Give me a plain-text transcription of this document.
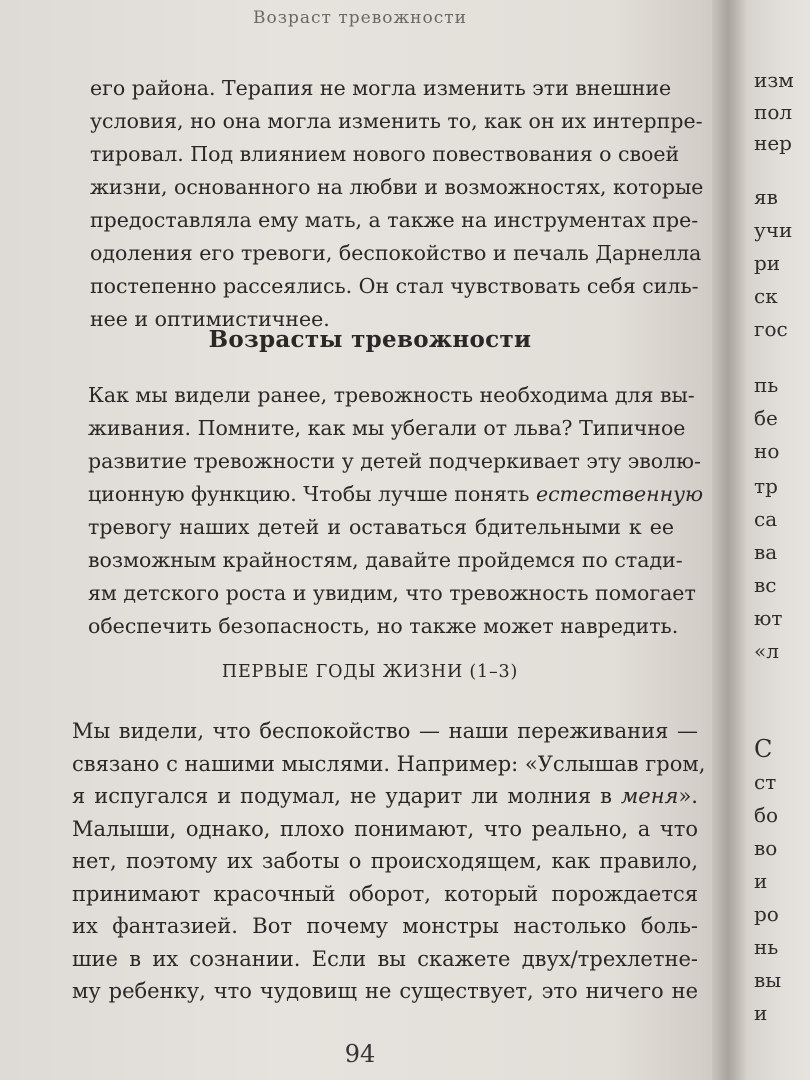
Возраст тревожности
его района. Терапия не могла изменить эти внешние
условия, но она могла изменить то, как он их интерпре-
тировал. Под влиянием нового повествования о своей
жизни, основанного на любви и возможностях, которые
предоставляла ему мать, а также на инструментах пре-
одоления его тревоги, беспокойство и печаль Дарнелла
постепенно рассеялись. Он стал чувствовать себя силь-
нее и оптимистичнее.
Возрасты тревожности
Как мы видели ранее, тревожность необходима для вы-
живания. Помните, как мы убегали от льва? Типичное
развитие тревожности у детей подчеркивает эту эволю-
ционную функцию. Чтобы лучше понять естественную
тревогу наших детей и оставаться бдительными к ее
возможным крайностям, давайте пройдемся по стади-
ям детского роста и увидим, что тревожность помогает
обеспечить безопасность, но также может навредить.
ПЕРВЫЕ ГОДЫ ЖИЗНИ (1–3)
Мы видели, что беспокойство — наши переживания —
связано с нашими мыслями. Например: «Услышав гром,
я испугался и подумал, не ударит ли молния в меня».
Малыши, однако, плохо понимают, что реально, а что
нет, поэтому их заботы о происходящем, как правило,
принимают красочный оборот, который порождается
их фантазией. Вот почему монстры настолько боль-
шие в их сознании. Если вы скажете двух/трехлетне-
му ребенку, что чудовищ не существует, это ничего не
94
изм
пол
нер
яв
учи
ри
ск
гос
пь
бе
но
тр
са
ва
вс
ют
«л
С
ст
бо
во
и
ро
нь
вы
и
